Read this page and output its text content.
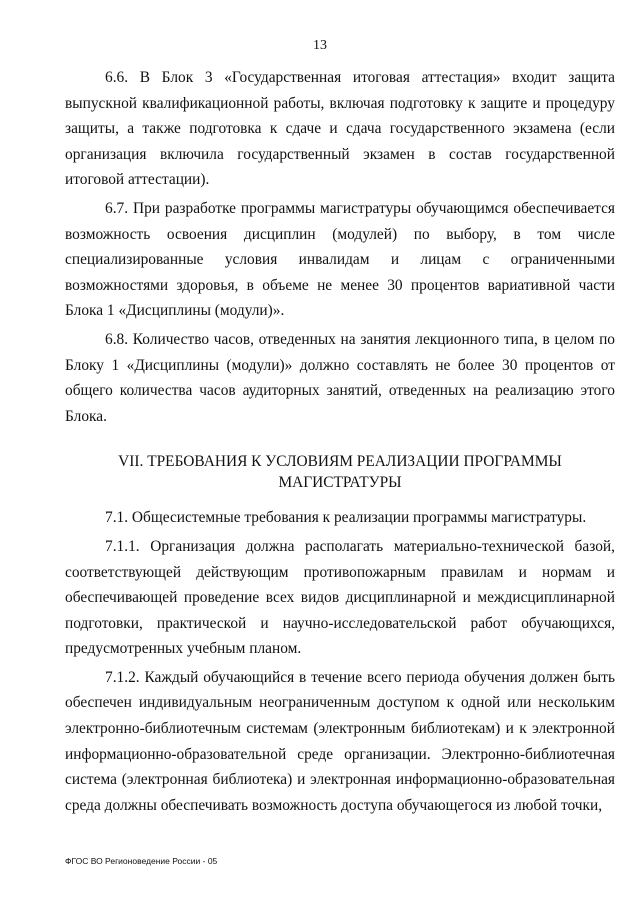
13

6.6. В Блок 3 «Государственная итоговая аттестация» входит защита выпускной квалификационной работы, включая подготовку к защите и процедуру защиты, а также подготовка к сдаче и сдача государственного экзамена (если организация включила государственный экзамен в состав государственной итоговой аттестации).

6.7. При разработке программы магистратуры обучающимся обеспечивается возможность освоения дисциплин (модулей) по выбору, в том числе специализированные условия инвалидам и лицам с ограниченными возможностями здоровья, в объеме не менее 30 процентов вариативной части Блока 1 «Дисциплины (модули)».

6.8. Количество часов, отведенных на занятия лекционного типа, в целом по Блоку 1 «Дисциплины (модули)» должно составлять не более 30 процентов от общего количества часов аудиторных занятий, отведенных на реализацию этого Блока.

VII. ТРЕБОВАНИЯ К УСЛОВИЯМ РЕАЛИЗАЦИИ ПРОГРАММЫ МАГИСТРАТУРЫ

7.1. Общесистемные требования к реализации программы магистратуры.

7.1.1. Организация должна располагать материально-технической базой, соответствующей действующим противопожарным правилам и нормам и обеспечивающей проведение всех видов дисциплинарной и междисциплинарной подготовки, практической и научно-исследовательской работ обучающихся, предусмотренных учебным планом.

7.1.2. Каждый обучающийся в течение всего периода обучения должен быть обеспечен индивидуальным неограниченным доступом к одной или нескольким электронно-библиотечным системам (электронным библиотекам) и к электронной информационно-образовательной среде организации. Электронно-библиотечная система (электронная библиотека) и электронная информационно-образовательная среда должны обеспечивать возможность доступа обучающегося из любой точки,

ФГОС ВО Регионоведение России - 05
